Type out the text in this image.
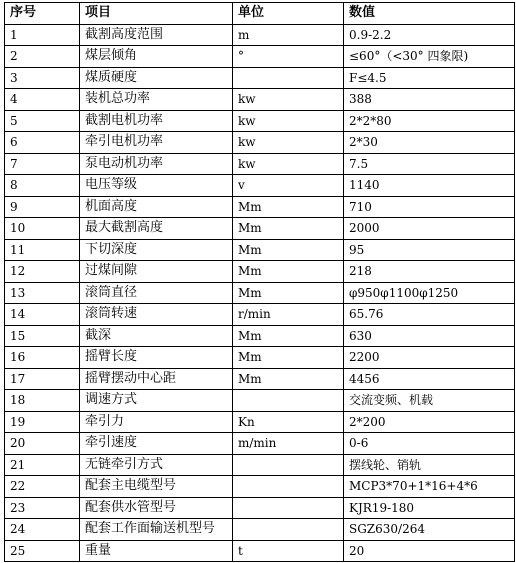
序号	项目	单位	数值
1	截割高度范围	m	0.9-2.2
2	煤层倾角	°	≤60°（<30° 四象限)
3	煤质硬度		F≤4.5
4	装机总功率	kw	388
5	截割电机功率	kw	2*2*80
6	牵引电机功率	kw	2*30
7	泵电动机功率	kw	7.5
8	电压等级	v	1140
9	机面高度	Mm	710
10	最大截割高度	Mm	2000
11	下切深度	Mm	95
12	过煤间隙	Mm	218
13	滚筒直径	Mm	φ950φ1100φ1250
14	滚筒转速	r/min	65.76
15	截深	Mm	630
16	摇臂长度	Mm	2200
17	摇臂摆动中心距	Mm	4456
18	调速方式		交流变频、机载
19	牵引力	Kn	2*200
20	牵引速度	m/min	0-6
21	无链牵引方式		摆线轮、销轨
22	配套主电缆型号		MCP3*70+1*16+4*6
23	配套供水管型号		KJR19-180
24	配套工作面输送机型号		SGZ630/264
25	重量	t	20
